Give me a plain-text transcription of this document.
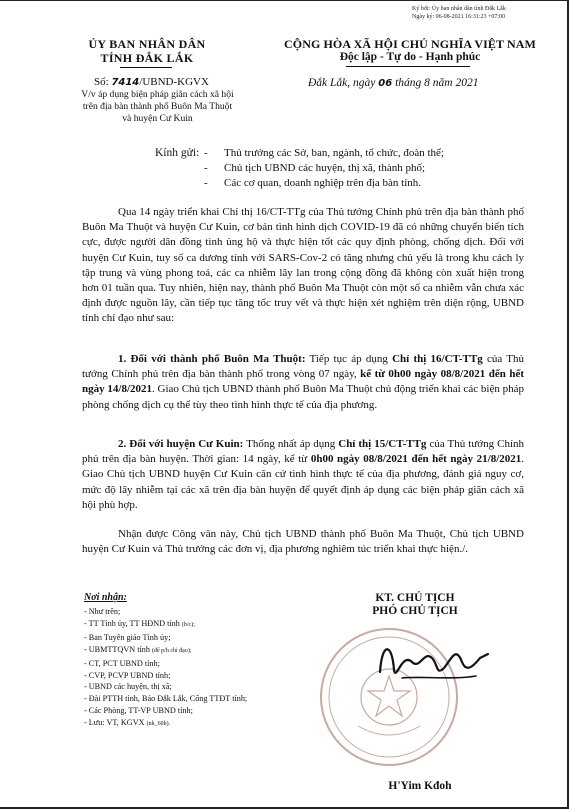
Ký bởi: Ủy ban nhân dân tỉnh Đắk Lắk
Ngày ký: 06-08-2021 16:31:23 +07:00
ỦY BAN NHÂN DÂN
TỈNH ĐẮK LẮK
CỘNG HÒA XÃ HỘI CHỦ NGHĨA VIỆT NAM
Độc lập - Tự do - Hạnh phúc
Số: 7414/UBND-KGVX
V/v áp dụng biện pháp giãn cách xã hội trên địa bàn thành phố Buôn Ma Thuột và huyện Cư Kuin
Đắk Lắk, ngày 06 tháng 8 năm 2021
Kính gửi: - Thủ trưởng các Sở, ban, ngành, tổ chức, đoàn thể;
- Chủ tịch UBND các huyện, thị xã, thành phố;
- Các cơ quan, doanh nghiệp trên địa bàn tỉnh.

Qua 14 ngày triển khai Chỉ thị 16/CT-TTg của Thủ tướng Chính phủ trên địa bàn thành phố Buôn Ma Thuột và huyện Cư Kuin, cơ bản tình hình dịch COVID-19 đã có những chuyển biến tích cực, được người dân đồng tình ủng hộ và thực hiện tốt các quy định phòng, chống dịch. Đối với huyện Cư Kuin, tuy số ca dương tính với SARS-Cov-2 có tăng nhưng chủ yếu là trong khu cách ly tập trung và vùng phong toả, các ca nhiễm lây lan trong cộng đồng đã không còn xuất hiện trong hơn 01 tuần qua. Tuy nhiên, hiện nay, thành phố Buôn Ma Thuột còn một số ca nhiễm vẫn chưa xác định được nguồn lây, cần tiếp tục tăng tốc truy vết và thực hiện xét nghiệm trên diện rộng, UBND tỉnh chỉ đạo như sau:

1. Đối với thành phố Buôn Ma Thuột: Tiếp tục áp dụng Chỉ thị 16/CT-TTg của Thủ tướng Chính phủ trên địa bàn thành phố trong vòng 07 ngày, kể từ 0h00 ngày 08/8/2021 đến hết ngày 14/8/2021. Giao Chủ tịch UBND thành phố Buôn Ma Thuột chủ động triển khai các biện pháp phòng chống dịch cụ thể tùy theo tình hình thực tế của địa phương.

2. Đối với huyện Cư Kuin: Thống nhất áp dụng Chỉ thị 15/CT-TTg của Thủ tướng Chính phủ trên địa bàn huyện. Thời gian: 14 ngày, kể từ 0h00 ngày 08/8/2021 đến hết ngày 21/8/2021. Giao Chủ tịch UBND huyện Cư Kuin căn cứ tình hình thực tế của địa phương, đánh giá nguy cơ, mức độ lây nhiễm tại các xã trên địa bàn huyện để quyết định áp dụng các biện pháp giãn cách xã hội phù hợp.

Nhận được Công văn này, Chủ tịch UBND thành phố Buôn Ma Thuột, Chủ tịch UBND huyện Cư Kuin và Thủ trưởng các đơn vị, địa phương nghiêm túc triển khai thực hiện./.

Nơi nhận:
- Như trên;
- TT Tỉnh ủy, TT HĐND tỉnh (b/c);
- Ban Tuyên giáo Tỉnh ủy;
- UBMTTQVN tỉnh (để p/h chỉ đạo);
- CT, PCT UBND tỉnh;
- CVP, PCVP UBND tỉnh;
- UBND các huyện, thị xã;
- Đài PTTH tỉnh, Báo Đắk Lắk, Cổng TTĐT tỉnh;
- Các Phòng, TT-VP UBND tỉnh;
- Lưu: VT, KGVX (nk_60b).
KT. CHỦ TỊCH
PHÓ CHỦ TỊCH
H'Yim Kđoh
